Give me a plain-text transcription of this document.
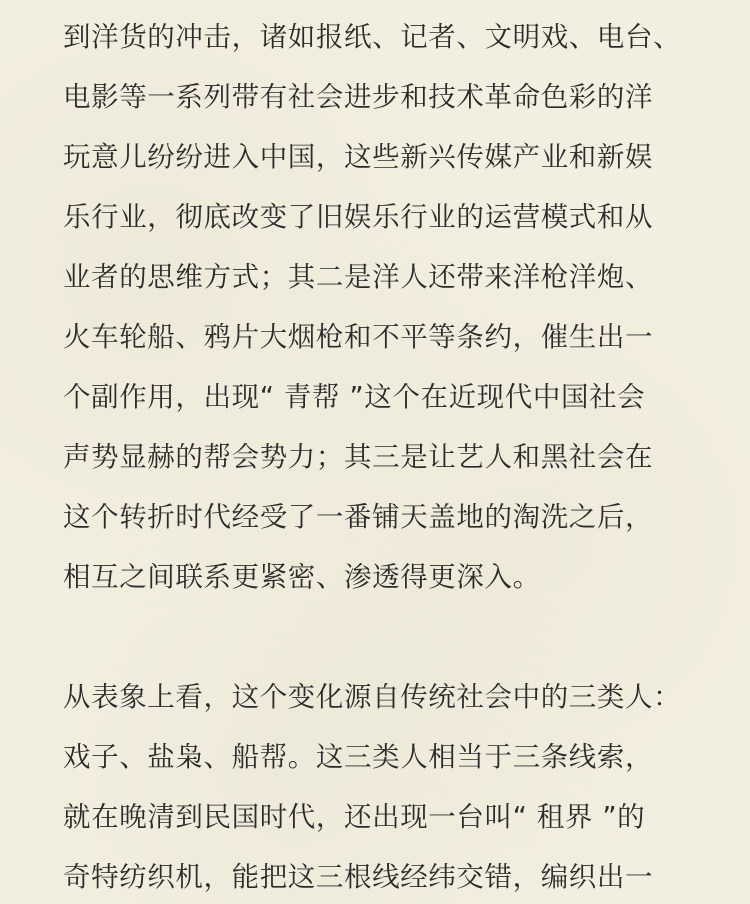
到洋货的冲击，诸如报纸、记者、文明戏、电台、
电影等一系列带有社会进步和技术革命色彩的洋
玩意儿纷纷进入中国，这些新兴传媒产业和新娱
乐行业，彻底改变了旧娱乐行业的运营模式和从
业者的思维方式；其二是洋人还带来洋枪洋炮、
火车轮船、鸦片大烟枪和不平等条约，催生出一
个副作用，出现“ 青帮 ”这个在近现代中国社会
声势显赫的帮会势力；其三是让艺人和黑社会在
这个转折时代经受了一番铺天盖地的淘洗之后，
相互之间联系更紧密、渗透得更深入。
从表象上看，这个变化源自传统社会中的三类人：
戏子、盐枭、船帮。这三类人相当于三条线索，
就在晚清到民国时代，还出现一台叫“ 租界 ”的
奇特纺织机，能把这三根线经纬交错，编织出一
